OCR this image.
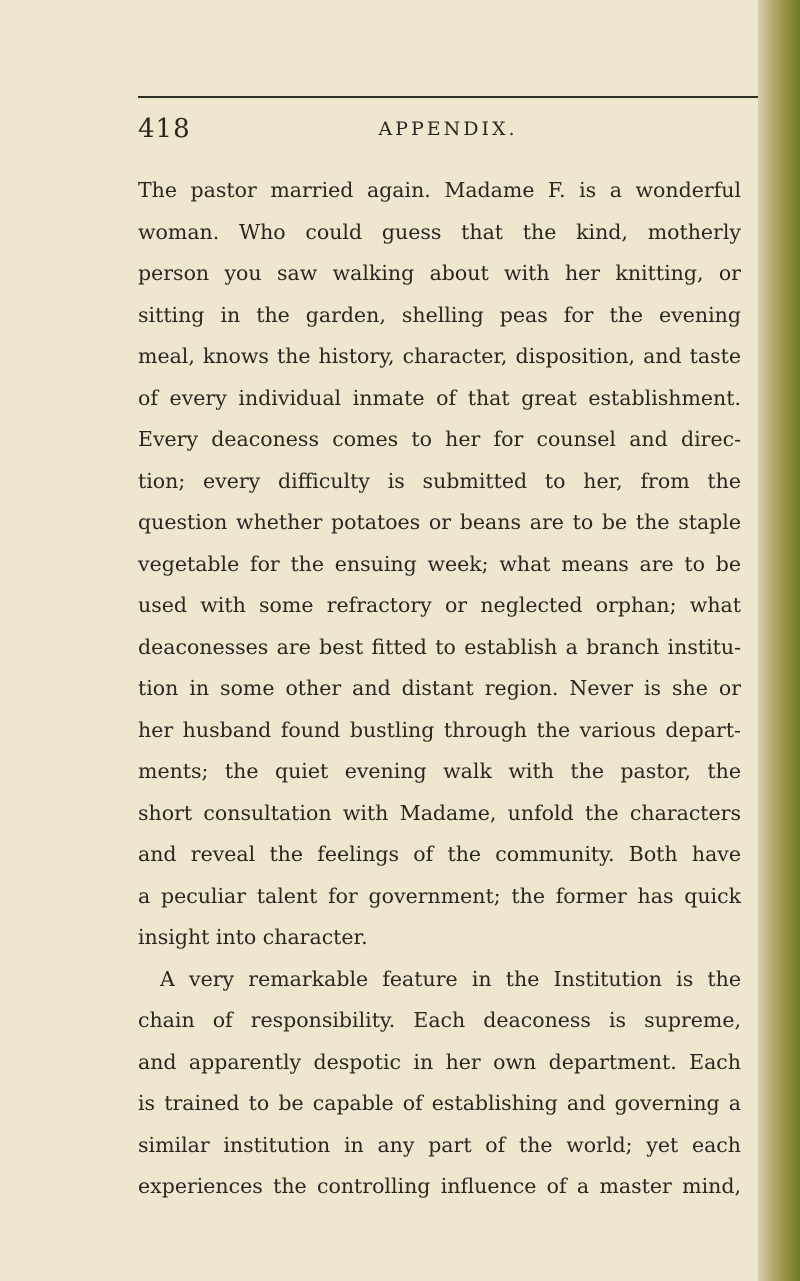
418	APPENDIX.
The pastor married again. Madame F. is a wonderful
woman. Who could guess that the kind, motherly
person you saw walking about with her knitting, or
sitting in the garden, shelling peas for the evening
meal, knows the history, character, disposition, and taste
of every individual inmate of that great establishment.
Every deaconess comes to her for counsel and direc-
tion; every difficulty is submitted to her, from the
question whether potatoes or beans are to be the staple
vegetable for the ensuing week; what means are to be
used with some refractory or neglected orphan; what
deaconesses are best fitted to establish a branch institu-
tion in some other and distant region. Never is she or
her husband found bustling through the various depart-
ments; the quiet evening walk with the pastor, the
short consultation with Madame, unfold the characters
and reveal the feelings of the community. Both have
a peculiar talent for government; the former has quick
insight into character.
A very remarkable feature in the Institution is the
chain of responsibility. Each deaconess is supreme,
and apparently despotic in her own department. Each
is trained to be capable of establishing and governing a
similar institution in any part of the world; yet each
experiences the controlling influence of a master mind,
